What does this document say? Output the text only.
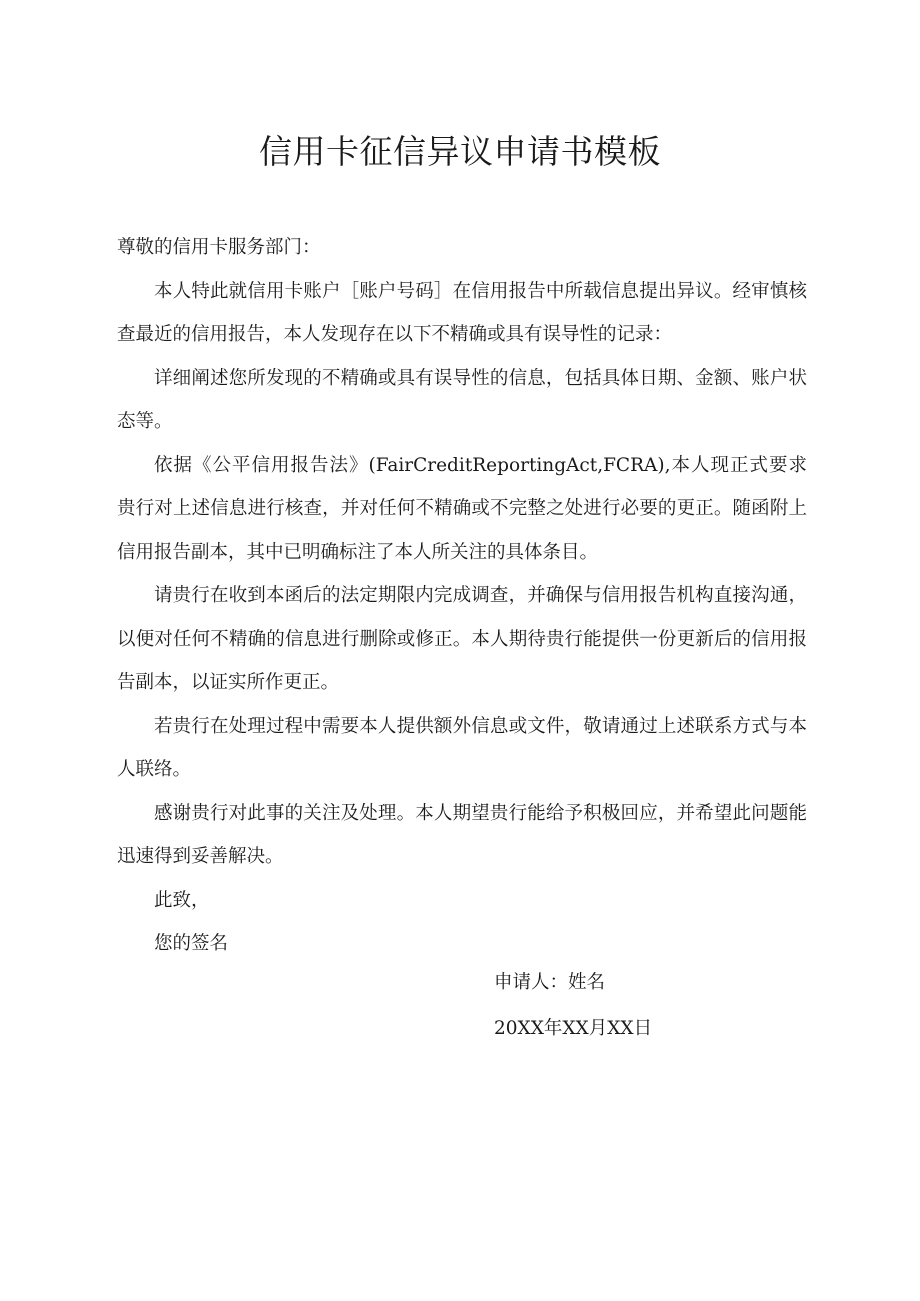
信用卡征信异议申请书模板

尊敬的信用卡服务部门：

本人特此就信用卡账户［账户号码］在信用报告中所载信息提出异议。经审慎核查最近的信用报告，本人发现存在以下不精确或具有误导性的记录：

详细阐述您所发现的不精确或具有误导性的信息，包括具体日期、金额、账户状态等。

依据《公平信用报告法》(FairCreditReportingAct,FCRA),本人现正式要求贵行对上述信息进行核查，并对任何不精确或不完整之处进行必要的更正。随函附上信用报告副本，其中已明确标注了本人所关注的具体条目。

请贵行在收到本函后的法定期限内完成调查，并确保与信用报告机构直接沟通，以便对任何不精确的信息进行删除或修正。本人期待贵行能提供一份更新后的信用报告副本，以证实所作更正。

若贵行在处理过程中需要本人提供额外信息或文件，敬请通过上述联系方式与本人联络。

感谢贵行对此事的关注及处理。本人期望贵行能给予积极回应，并希望此问题能迅速得到妥善解决。

此致，

您的签名

申请人：姓名

20XX年XX月XX日
